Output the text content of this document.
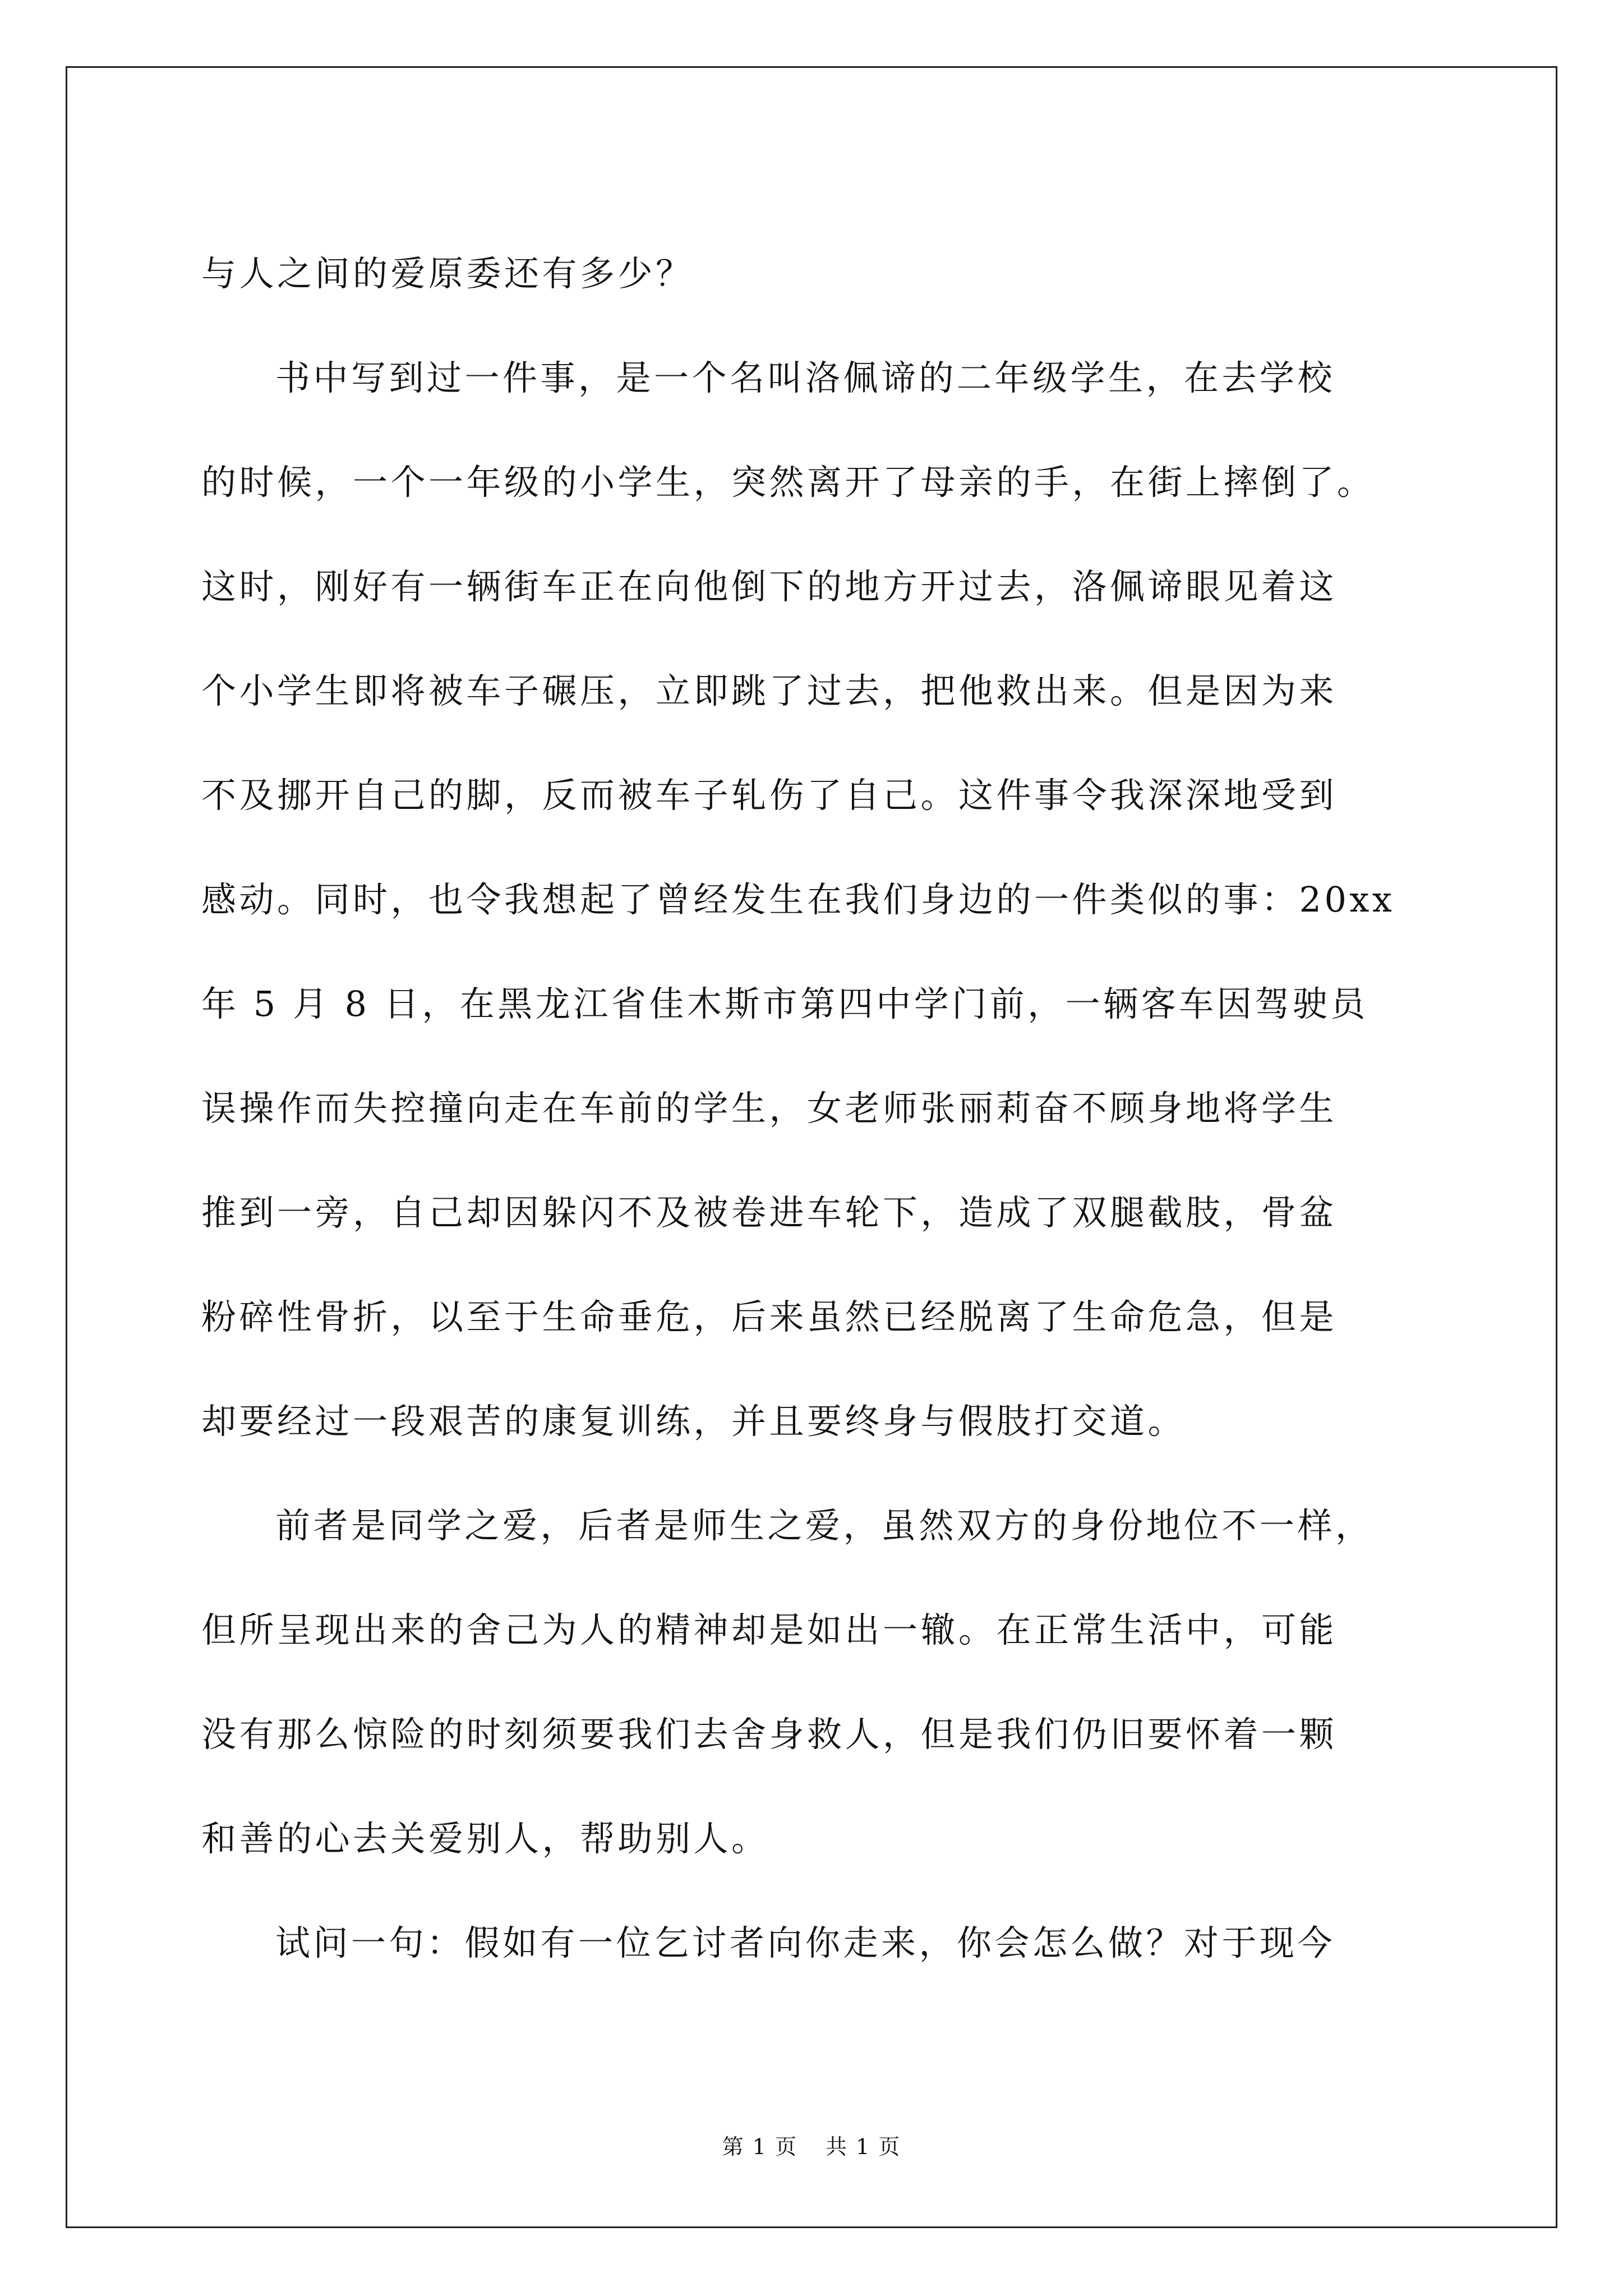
与人之间的爱原委还有多少？
书中写到过一件事，是一个名叫洛佩谛的二年级学生，在去学校
的时候，一个一年级的小学生，突然离开了母亲的手，在街上摔倒了。
这时，刚好有一辆街车正在向他倒下的地方开过去，洛佩谛眼见着这
个小学生即将被车子碾压，立即跳了过去，把他救出来。但是因为来
不及挪开自己的脚，反而被车子轧伤了自己。这件事令我深深地受到
感动。同时，也令我想起了曾经发生在我们身边的一件类似的事：20xx
年 5 月 8 日，在黑龙江省佳木斯市第四中学门前，一辆客车因驾驶员
误操作而失控撞向走在车前的学生，女老师张丽莉奋不顾身地将学生
推到一旁，自己却因躲闪不及被卷进车轮下，造成了双腿截肢，骨盆
粉碎性骨折，以至于生命垂危，后来虽然已经脱离了生命危急，但是
却要经过一段艰苦的康复训练，并且要终身与假肢打交道。
前者是同学之爱，后者是师生之爱，虽然双方的身份地位不一样，
但所呈现出来的舍己为人的精神却是如出一辙。在正常生活中，可能
没有那么惊险的时刻须要我们去舍身救人，但是我们仍旧要怀着一颗
和善的心去关爱别人，帮助别人。
试问一句：假如有一位乞讨者向你走来，你会怎么做？对于现今
第 1 页 共 1 页
